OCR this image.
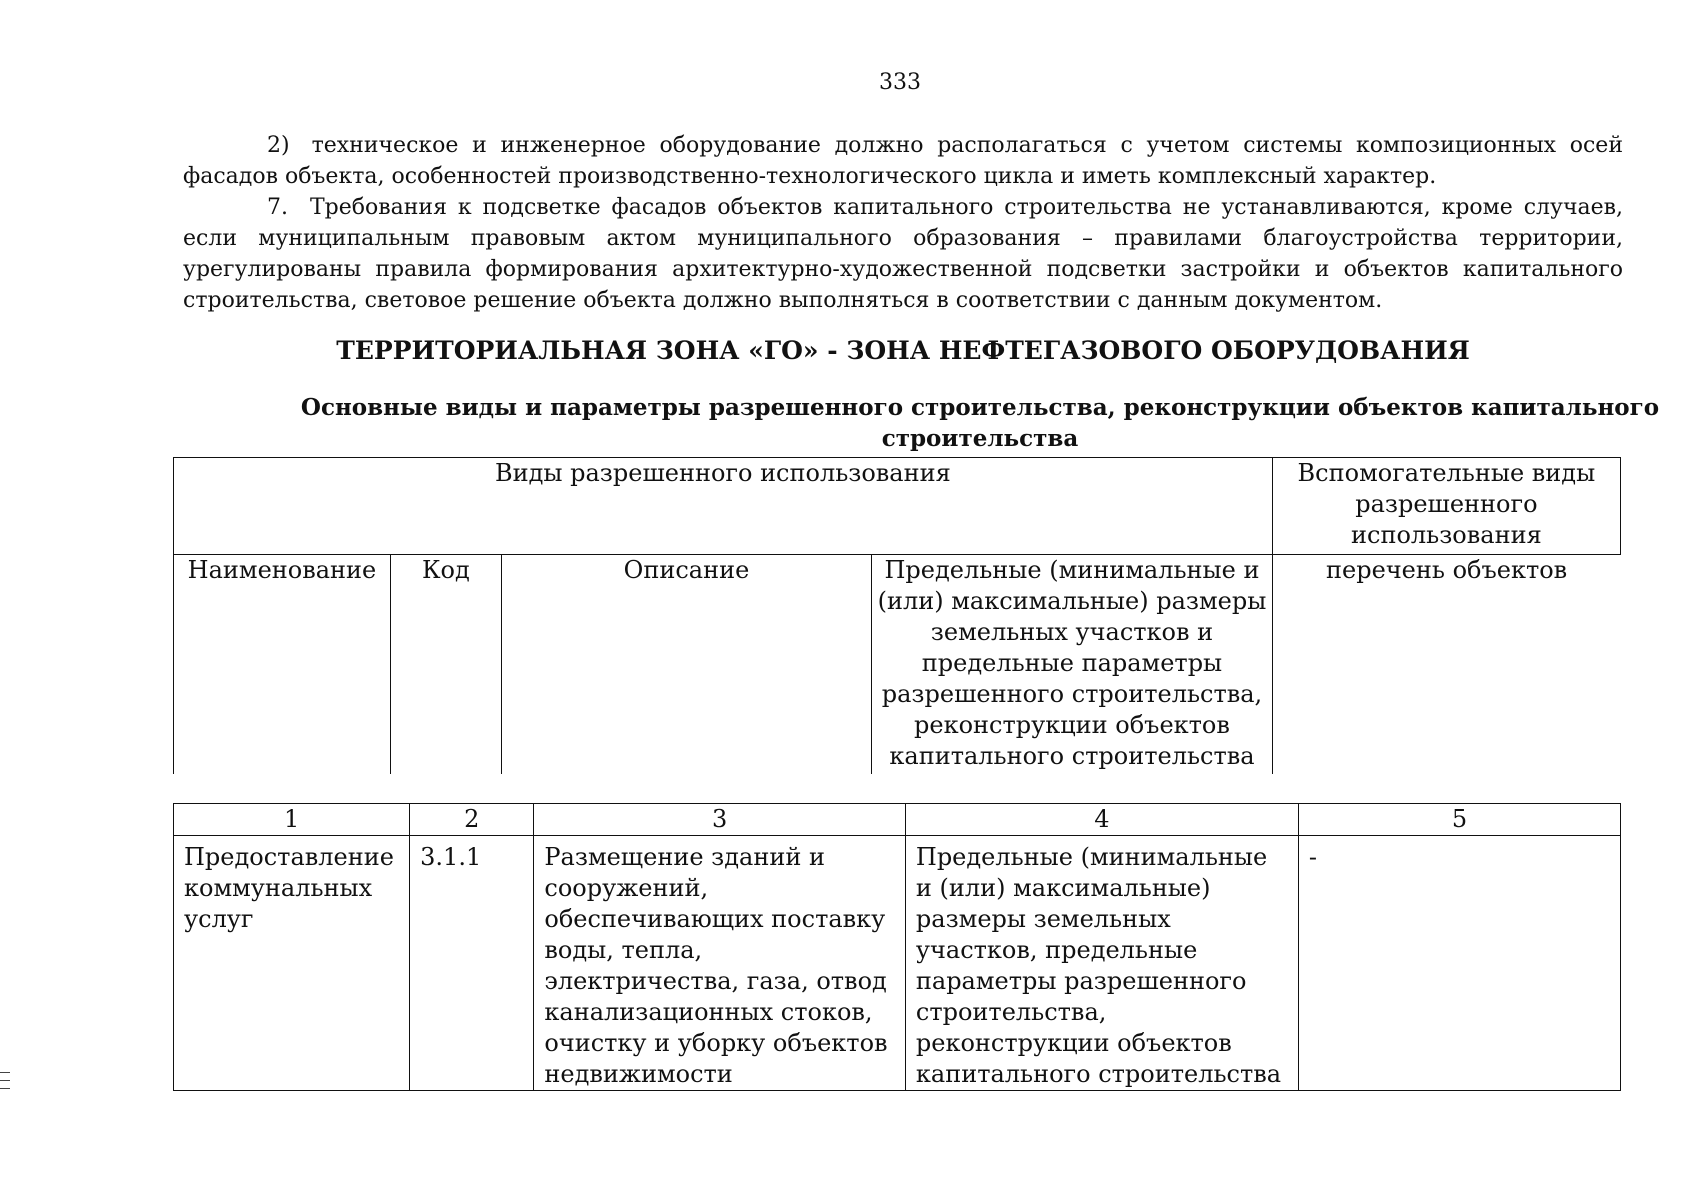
333

2) техническое и инженерное оборудование должно располагаться с учетом системы композиционных осей фасадов объекта, особенностей производственно-технологического цикла и иметь комплексный характер.

7. Требования к подсветке фасадов объектов капитального строительства не устанавливаются, кроме случаев, если муниципальным правовым актом муниципального образования – правилами благоустройства территории, урегулированы правила формирования архитектурно-художественной подсветки застройки и объектов капитального строительства, световое решение объекта должно выполняться в соответствии с данным документом.

ТЕРРИТОРИАЛЬНАЯ ЗОНА «ГО» - ЗОНА НЕФТЕГАЗОВОГО ОБОРУДОВАНИЯ
Основные виды и параметры разрешенного строительства, реконструкции объектов капитального строительства
Виды разрешенного использования				Вспомогательные виды разрешенного использования
Наименование	Код	Описание	Предельные (минимальные и (или) максимальные) размеры земельных участков и предельные параметры разрешенного строительства, реконструкции объектов капитального строительства	перечень объектов
1	2	3	4	5
Предоставление коммунальных услуг	3.1.1	Размещение зданий и сооружений, обеспечивающих поставку воды, тепла, электричества, газа, отвод канализационных стоков, очистку и уборку объектов недвижимости	Предельные (минимальные и (или) максимальные) размеры земельных участков, предельные параметры разрешенного строительства, реконструкции объектов капитального строительства	-
